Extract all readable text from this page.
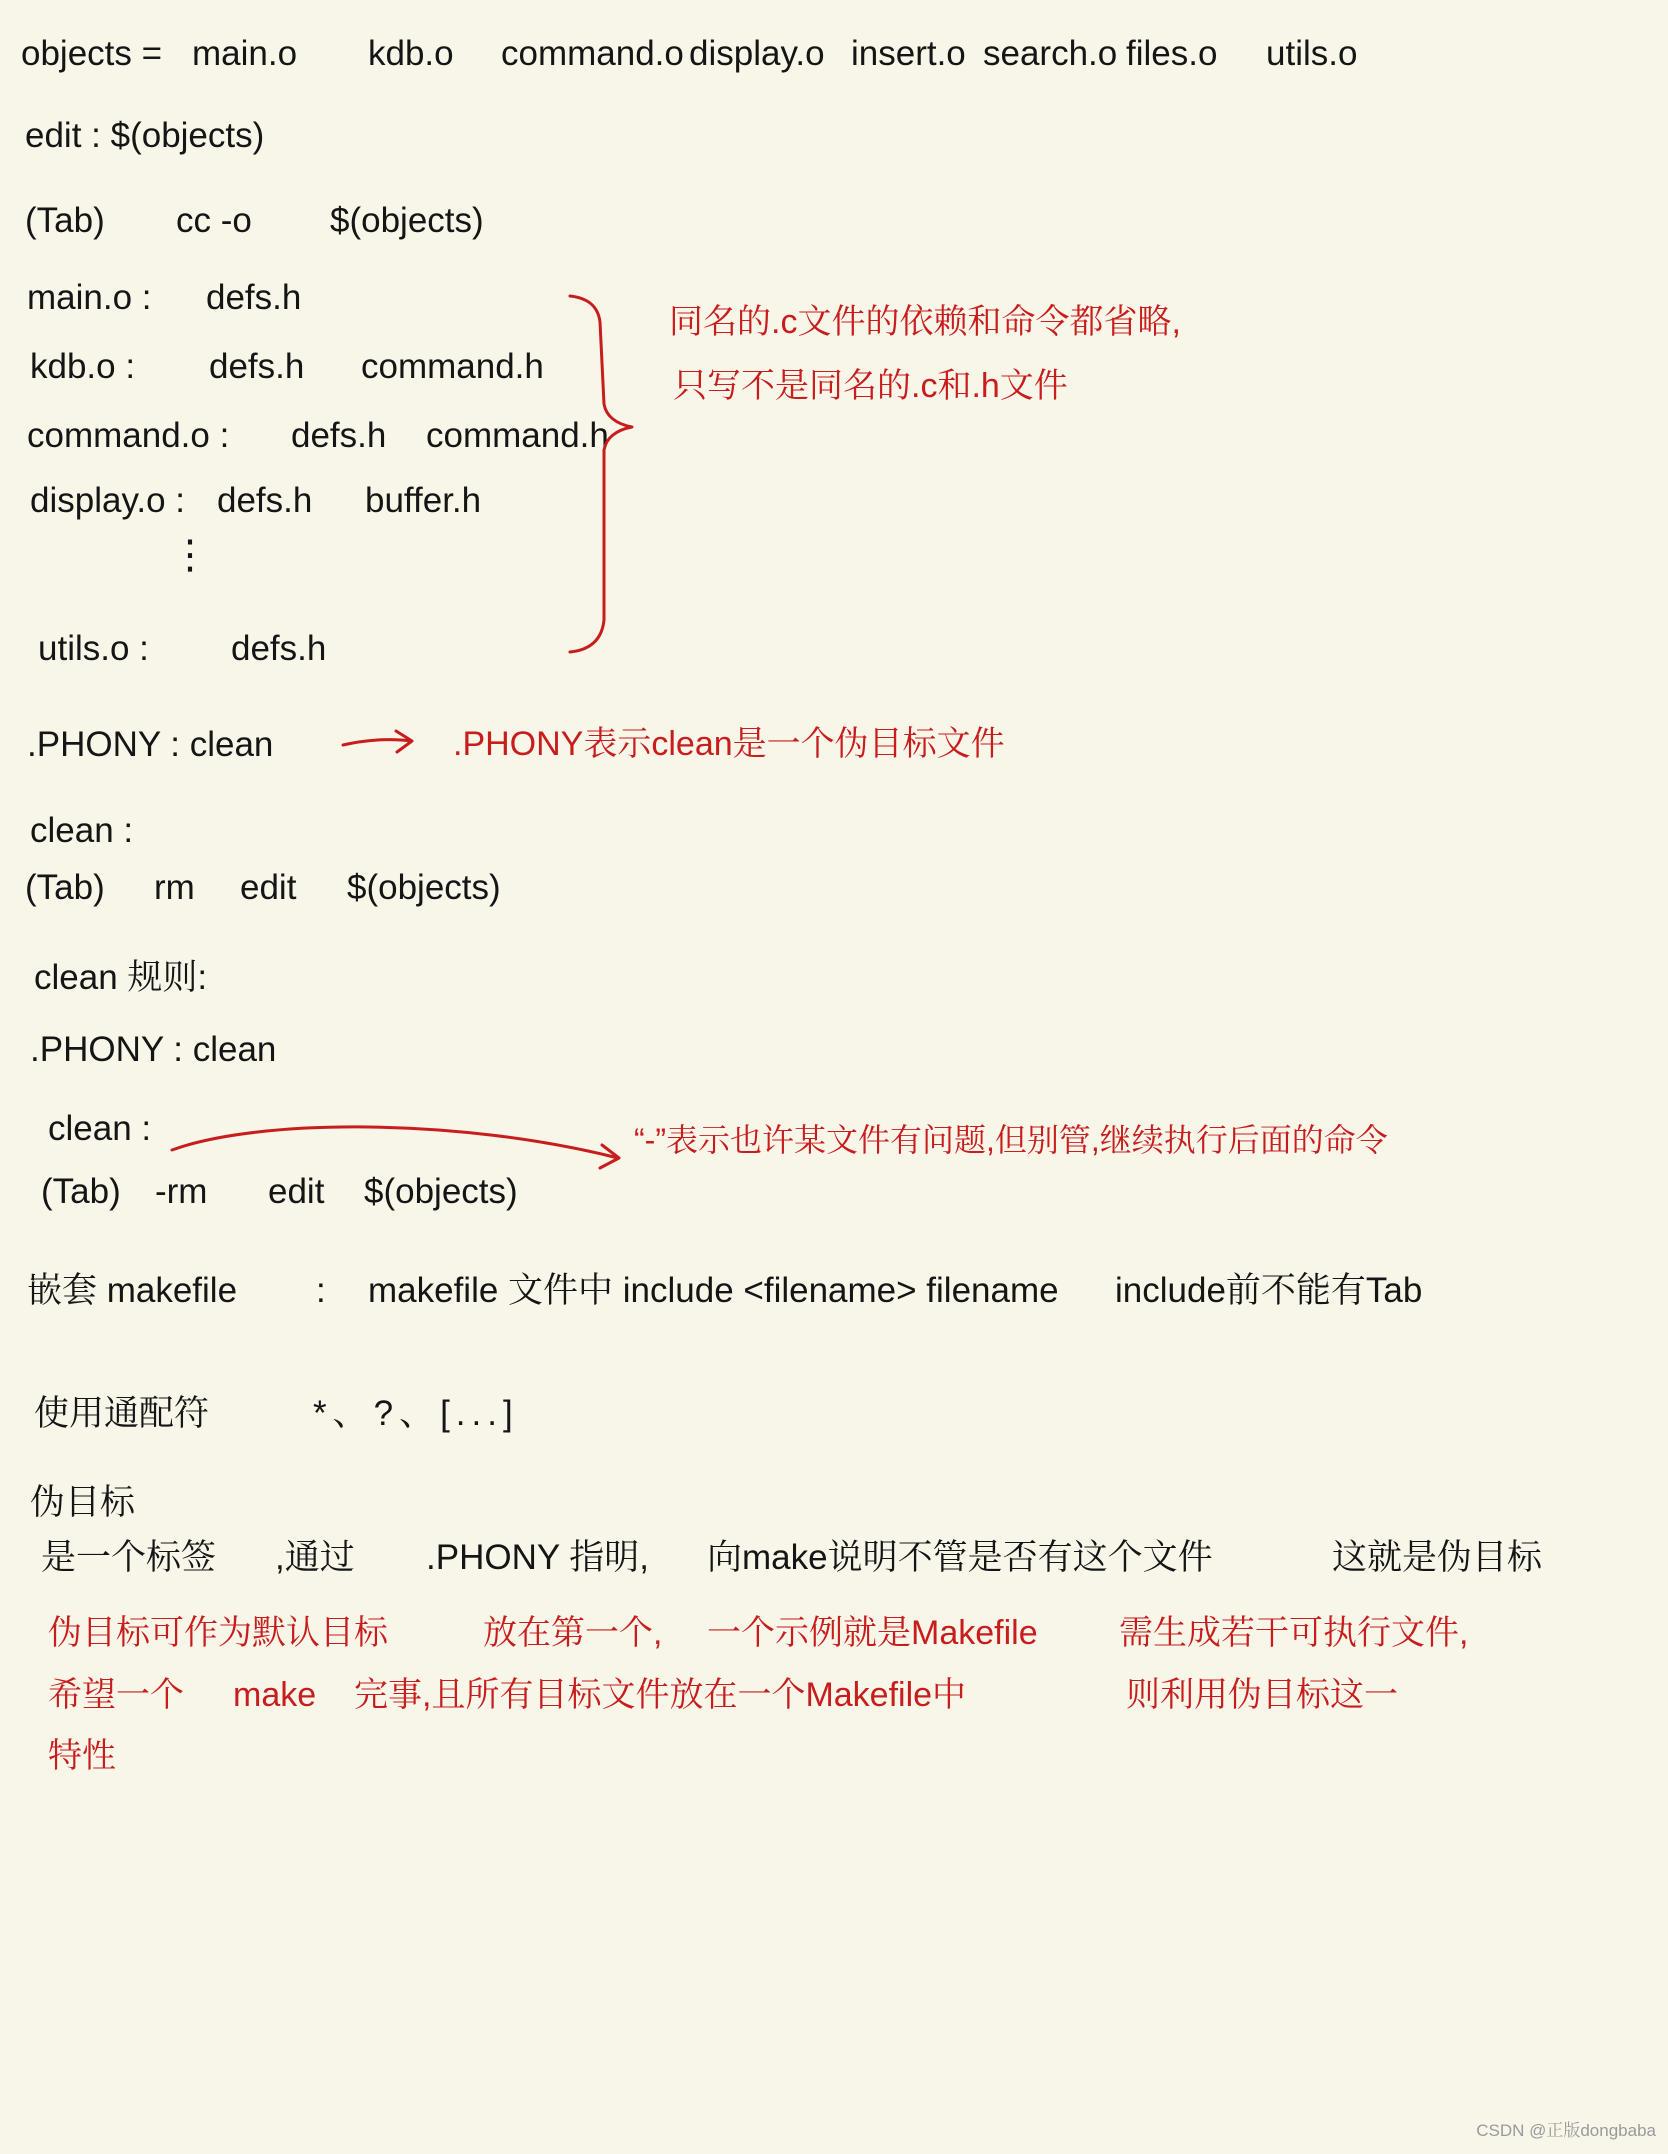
objects = main.o kdb.o command.o display.o insert.o search.o files.o utils.o
edit : $(objects)
(Tab) cc -o $(objects)
main.o : defs.h
kdb.o : defs.h command.h
command.o : defs.h command.h
display.o : defs.h buffer.h
⋮
utils.o : defs.h
同名的.c文件的依赖和命令都省略,
只写不是同名的.c和.h文件
.PHONY : clean	.PHONY表示clean是一个伪目标文件
clean :
(Tab) rm edit $(objects)
clean 规则:
.PHONY : clean
clean :
(Tab) -rm edit $(objects)
“-”表示也许某文件有问题,但别管,继续执行后面的命令
嵌套 makefile : makefile 文件中 include <filename> filename include前不能有Tab
使用通配符	*、?、[...]
伪目标
是一个标签 ,通过 .PHONY 指明, 向make说明不管是否有这个文件	这就是伪目标
伪目标可作为默认目标	放在第一个, 一个示例就是Makefile 需生成若干可执行文件,
希望一个 make 完事,且所有目标文件放在一个Makefile中	则利用伪目标这一
特性
CSDN @正版dongbaba
